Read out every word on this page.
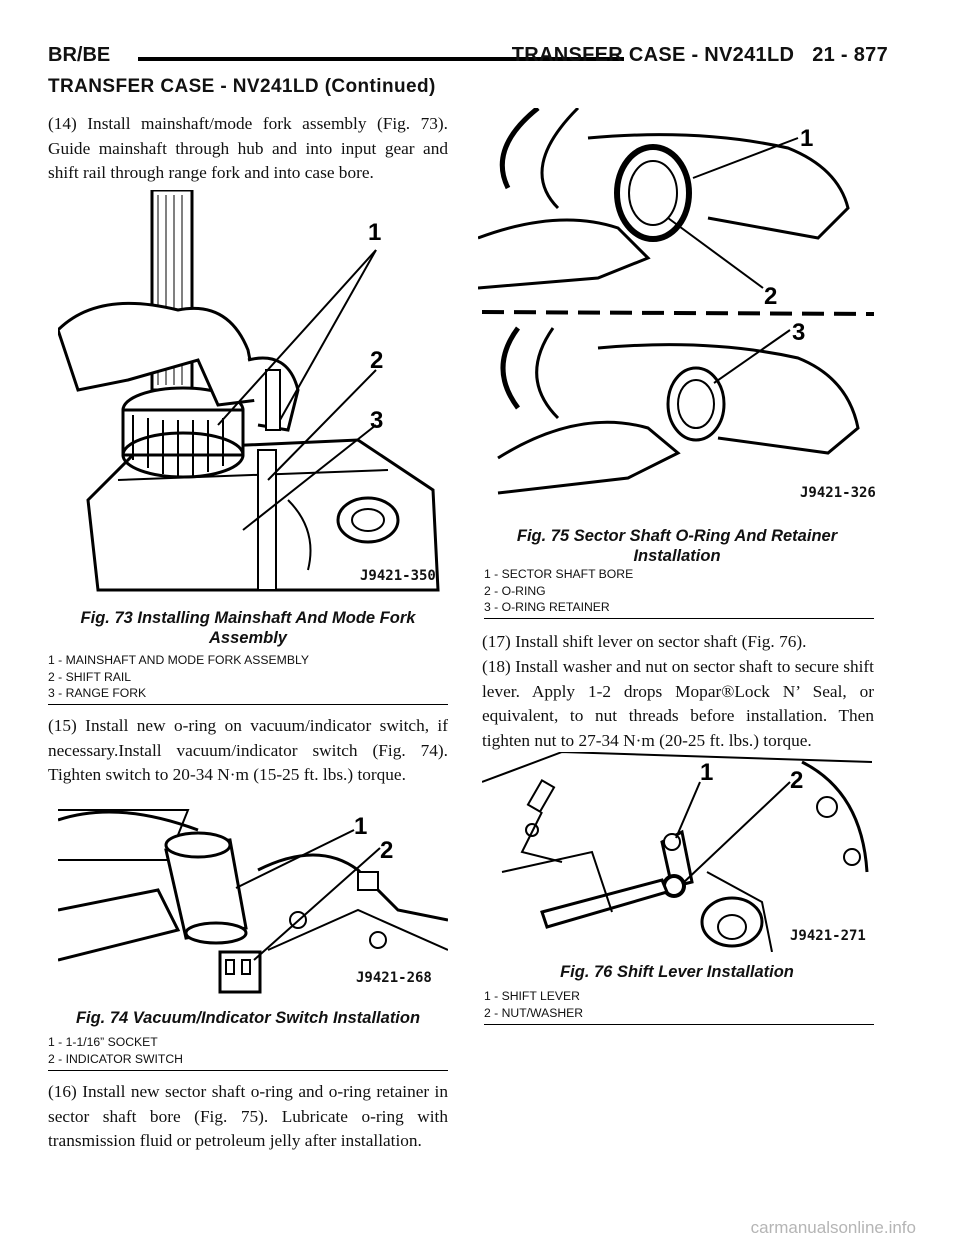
BR/BE	TRANSFER CASE - NV241LD 21 - 877
TRANSFER CASE - NV241LD (Continued)

(14) Install mainshaft/mode fork assembly (Fig. 73). Guide mainshaft through hub and into input gear and shift rail through range fork and into case bore.

1
2
3
J9421-350
Fig. 73 Installing Mainshaft And Mode Fork
Assembly
1 - MAINSHAFT AND MODE FORK ASSEMBLY
2 - SHIFT RAIL
3 - RANGE FORK

(15) Install new o-ring on vacuum/indicator switch, if necessary.Install vacuum/indicator switch (Fig. 74). Tighten switch to 20-34 N·m (15-25 ft. lbs.) torque.

1
2
J9421-268
Fig. 74 Vacuum/Indicator Switch Installation
1 - 1-1/16” SOCKET
2 - INDICATOR SWITCH

(16) Install new sector shaft o-ring and o-ring retainer in sector shaft bore (Fig. 75). Lubricate o-ring with transmission fluid or petroleum jelly after installation.

1
2
3
J9421-326
Fig. 75 Sector Shaft O-Ring And Retainer
Installation
1 - SECTOR SHAFT BORE
2 - O-RING
3 - O-RING RETAINER

(17) Install shift lever on sector shaft (Fig. 76).

(18) Install washer and nut on sector shaft to secure shift lever. Apply 1-2 drops Mopar®Lock N’ Seal, or equivalent, to nut threads before installation. Then tighten nut to 27-34 N·m (20-25 ft. lbs.) torque.

1	2
J9421-271
Fig. 76 Shift Lever Installation
1 - SHIFT LEVER
2 - NUT/WASHER
carmanualsonline.info
